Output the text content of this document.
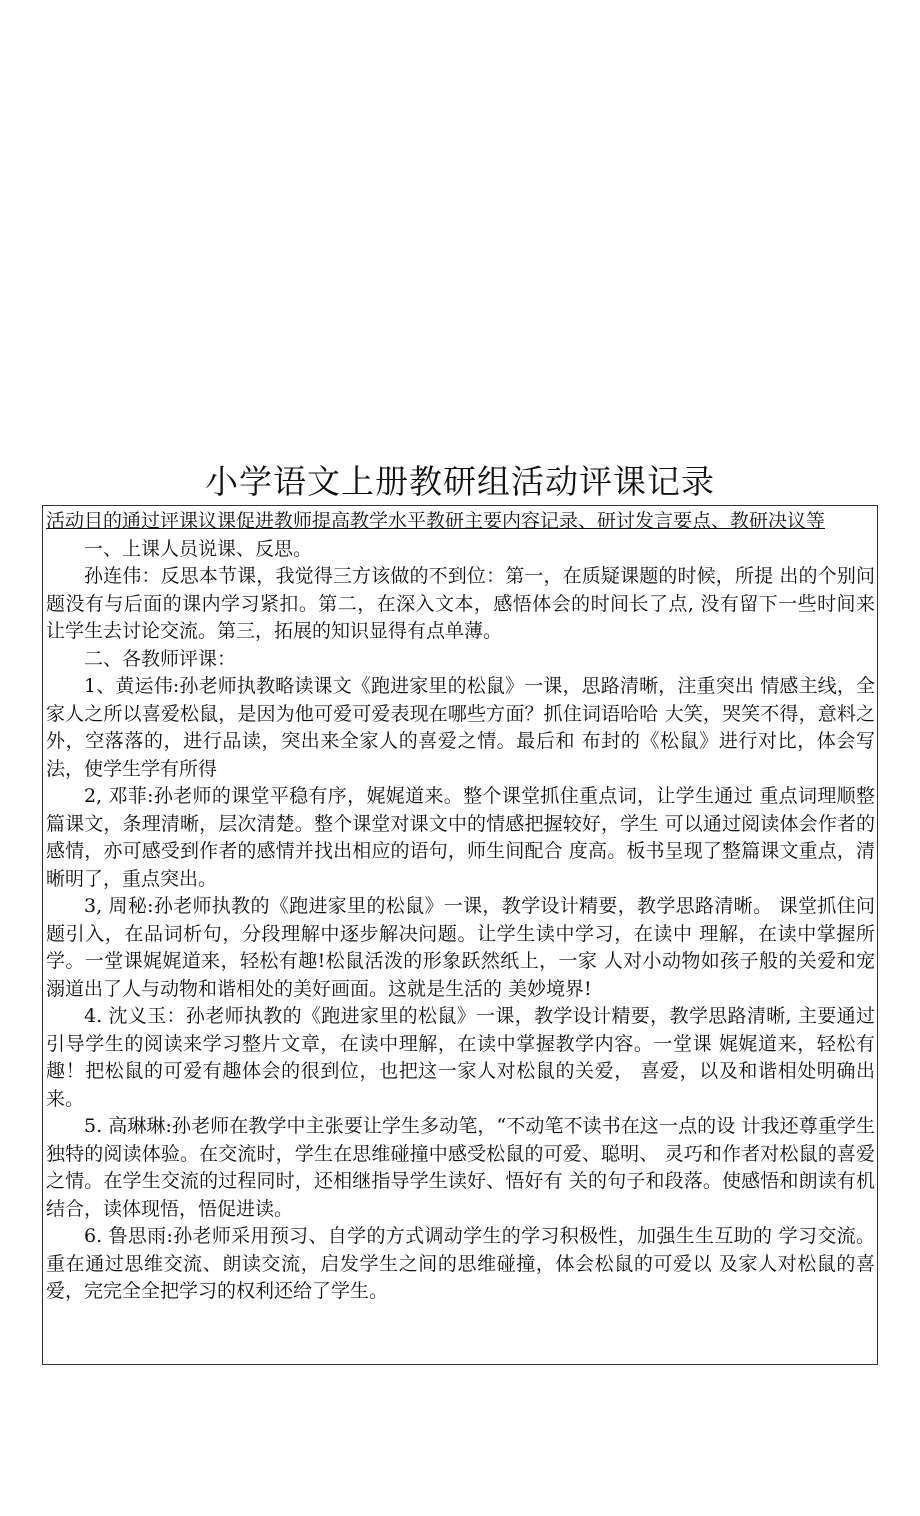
小学语文上册教研组活动评课记录

活动目的通过评课议课促进教师提高教学水平教研主要内容记录、研讨发言要点、教研决议等

一、上课人员说课、反思。

孙连伟：反思本节课，我觉得三方该做的不到位：第一，在质疑课题的时候，所提 出的个别问题没有与后面的课内学习紧扣。第二，在深入文本，感悟体会的时间长了点, 没有留下一些时间来让学生去讨论交流。第三，拓展的知识显得有点单薄。

二、各教师评课：

1、黄运伟:孙老师执教略读课文《跑进家里的松鼠》一课，思路清晰，注重突出 情感主线，全家人之所以喜爱松鼠，是因为他可爱可爱表现在哪些方面？抓住词语哈哈 大笑，哭笑不得，意料之外，空落落的，进行品读，突出来全家人的喜爱之情。最后和 布封的《松鼠》进行对比，体会写法，使学生学有所得

2, 邓菲:孙老师的课堂平稳有序，娓娓道来。整个课堂抓住重点词，让学生通过 重点词理顺整篇课文，条理清晰，层次清楚。整个课堂对课文中的情感把握较好，学生 可以通过阅读体会作者的感情，亦可感受到作者的感情并找出相应的语句，师生间配合 度高。板书呈现了整篇课文重点，清晰明了，重点突出。

3, 周秘:孙老师执教的《跑进家里的松鼠》一课，教学设计精要，教学思路清晰。 课堂抓住问题引入，在品词析句，分段理解中逐步解决问题。让学生读中学习，在读中 理解，在读中掌握所学。一堂课娓娓道来，轻松有趣!松鼠活泼的形象跃然纸上，一家 人对小动物如孩子般的关爱和宠溺道出了人与动物和谐相处的美好画面。这就是生活的 美妙境界!

4. 沈义玉：孙老师执教的《跑进家里的松鼠》一课，教学设计精要，教学思路清晰, 主要通过引导学生的阅读来学习整片文章，在读中理解，在读中掌握教学内容。一堂课 娓娓道来，轻松有趣！把松鼠的可爱有趣体会的很到位，也把这一家人对松鼠的关爱， 喜爱，以及和谐相处明确出来。

5. 高琳琳:孙老师在教学中主张要让学生多动笔，“不动笔不读书在这一点的设 计我还尊重学生独特的阅读体验。在交流时，学生在思维碰撞中感受松鼠的可爱、聪明、 灵巧和作者对松鼠的喜爱之情。在学生交流的过程同时，还相继指导学生读好、悟好有 关的句子和段落。使感悟和朗读有机结合，读体现悟，悟促进读。

6. 鲁思雨:孙老师采用预习、自学的方式调动学生的学习积极性，加强生生互助的 学习交流。重在通过思维交流、朗读交流，启发学生之间的思维碰撞，体会松鼠的可爱以 及家人对松鼠的喜爱，完完全全把学习的权利还给了学生。
